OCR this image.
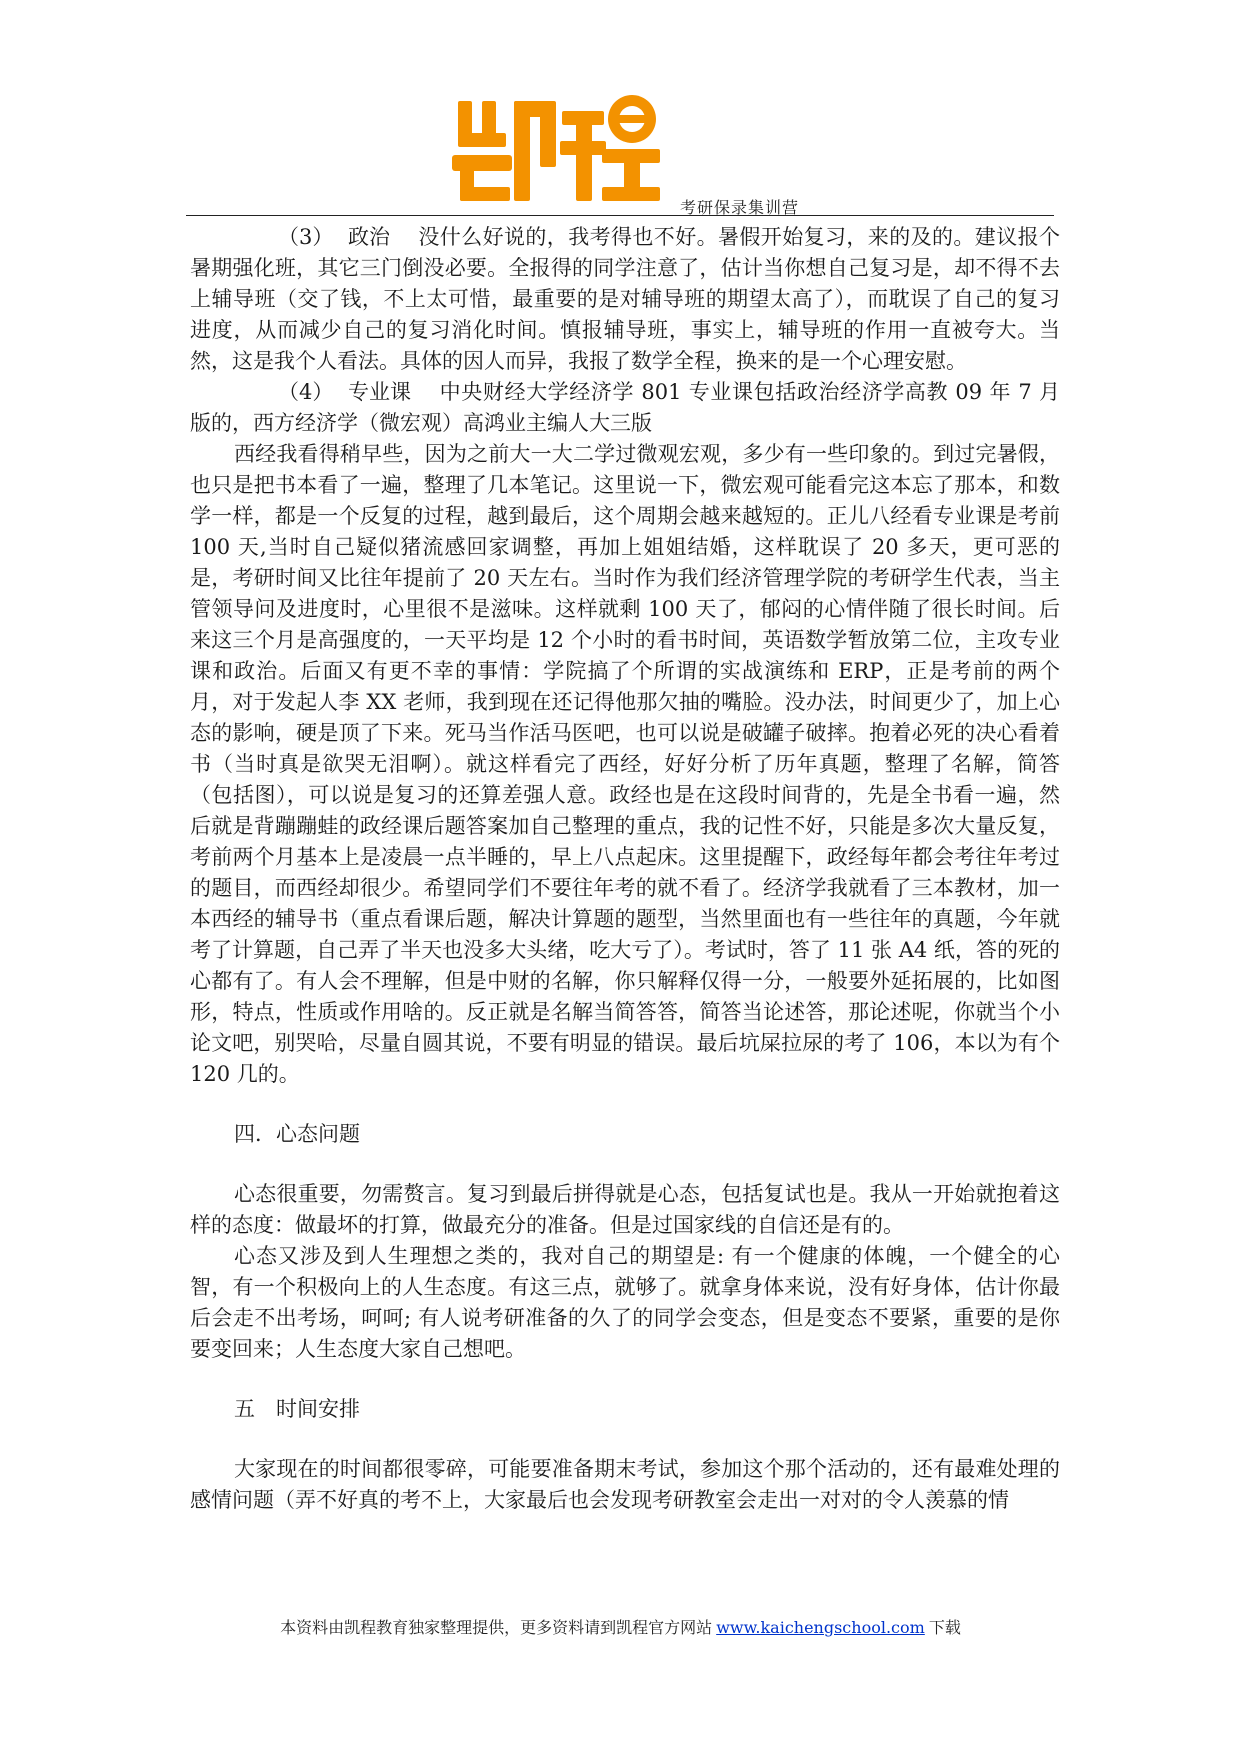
考研保录集训营

（3） 政治 没什么好说的，我考得也不好。暑假开始复习，来的及的。建议报个暑期强化班，其它三门倒没必要。全报得的同学注意了，估计当你想自己复习是，却不得不去上辅导班（交了钱，不上太可惜，最重要的是对辅导班的期望太高了），而耽误了自己的复习进度，从而减少自己的复习消化时间。慎报辅导班，事实上，辅导班的作用一直被夸大。当然，这是我个人看法。具体的因人而异，我报了数学全程，换来的是一个心理安慰。

（4） 专业课 中央财经大学经济学 801 专业课包括政治经济学高教 09 年 7 月版的，西方经济学（微宏观）高鸿业主编人大三版

西经我看得稍早些，因为之前大一大二学过微观宏观，多少有一些印象的。到过完暑假，也只是把书本看了一遍，整理了几本笔记。这里说一下，微宏观可能看完这本忘了那本，和数学一样，都是一个反复的过程，越到最后，这个周期会越来越短的。正儿八经看专业课是考前 100 天,当时自己疑似猪流感回家调整，再加上姐姐结婚，这样耽误了 20 多天，更可恶的是，考研时间又比往年提前了 20 天左右。当时作为我们经济管理学院的考研学生代表，当主管领导问及进度时，心里很不是滋味。这样就剩 100 天了，郁闷的心情伴随了很长时间。后来这三个月是高强度的，一天平均是 12 个小时的看书时间，英语数学暂放第二位，主攻专业课和政治。后面又有更不幸的事情：学院搞了个所谓的实战演练和 ERP，正是考前的两个月，对于发起人李 XX 老师，我到现在还记得他那欠抽的嘴脸。没办法，时间更少了，加上心态的影响，硬是顶了下来。死马当作活马医吧，也可以说是破罐子破摔。抱着必死的决心看着书（当时真是欲哭无泪啊）。就这样看完了西经，好好分析了历年真题，整理了名解，简答（包括图），可以说是复习的还算差强人意。政经也是在这段时间背的，先是全书看一遍，然后就是背蹦蹦蛙的政经课后题答案加自己整理的重点，我的记性不好，只能是多次大量反复，考前两个月基本上是凌晨一点半睡的，早上八点起床。这里提醒下，政经每年都会考往年考过的题目，而西经却很少。希望同学们不要往年考的就不看了。经济学我就看了三本教材，加一本西经的辅导书（重点看课后题，解决计算题的题型，当然里面也有一些往年的真题，今年就考了计算题，自己弄了半天也没多大头绪，吃大亏了）。考试时，答了 11 张 A4 纸，答的死的心都有了。有人会不理解，但是中财的名解，你只解释仅得一分，一般要外延拓展的，比如图形，特点，性质或作用啥的。反正就是名解当简答答，简答当论述答，那论述呢，你就当个小论文吧，别哭哈，尽量自圆其说，不要有明显的错误。最后坑屎拉尿的考了 106，本以为有个 120 几的。

四．心态问题

心态很重要，勿需赘言。复习到最后拼得就是心态，包括复试也是。我从一开始就抱着这样的态度：做最坏的打算，做最充分的准备。但是过国家线的自信还是有的。

心态又涉及到人生理想之类的，我对自己的期望是: 有一个健康的体魄，一个健全的心智，有一个积极向上的人生态度。有这三点，就够了。就拿身体来说，没有好身体，估计你最后会走不出考场，呵呵; 有人说考研准备的久了的同学会变态，但是变态不要紧，重要的是你要变回来；人生态度大家自己想吧。

五　时间安排

大家现在的时间都很零碎，可能要准备期末考试，参加这个那个活动的，还有最难处理的感情问题（弄不好真的考不上，大家最后也会发现考研教室会走出一对对的令人羡慕的情

本资料由凯程教育独家整理提供，更多资料请到凯程官方网站 www.kaichengschool.com 下载
